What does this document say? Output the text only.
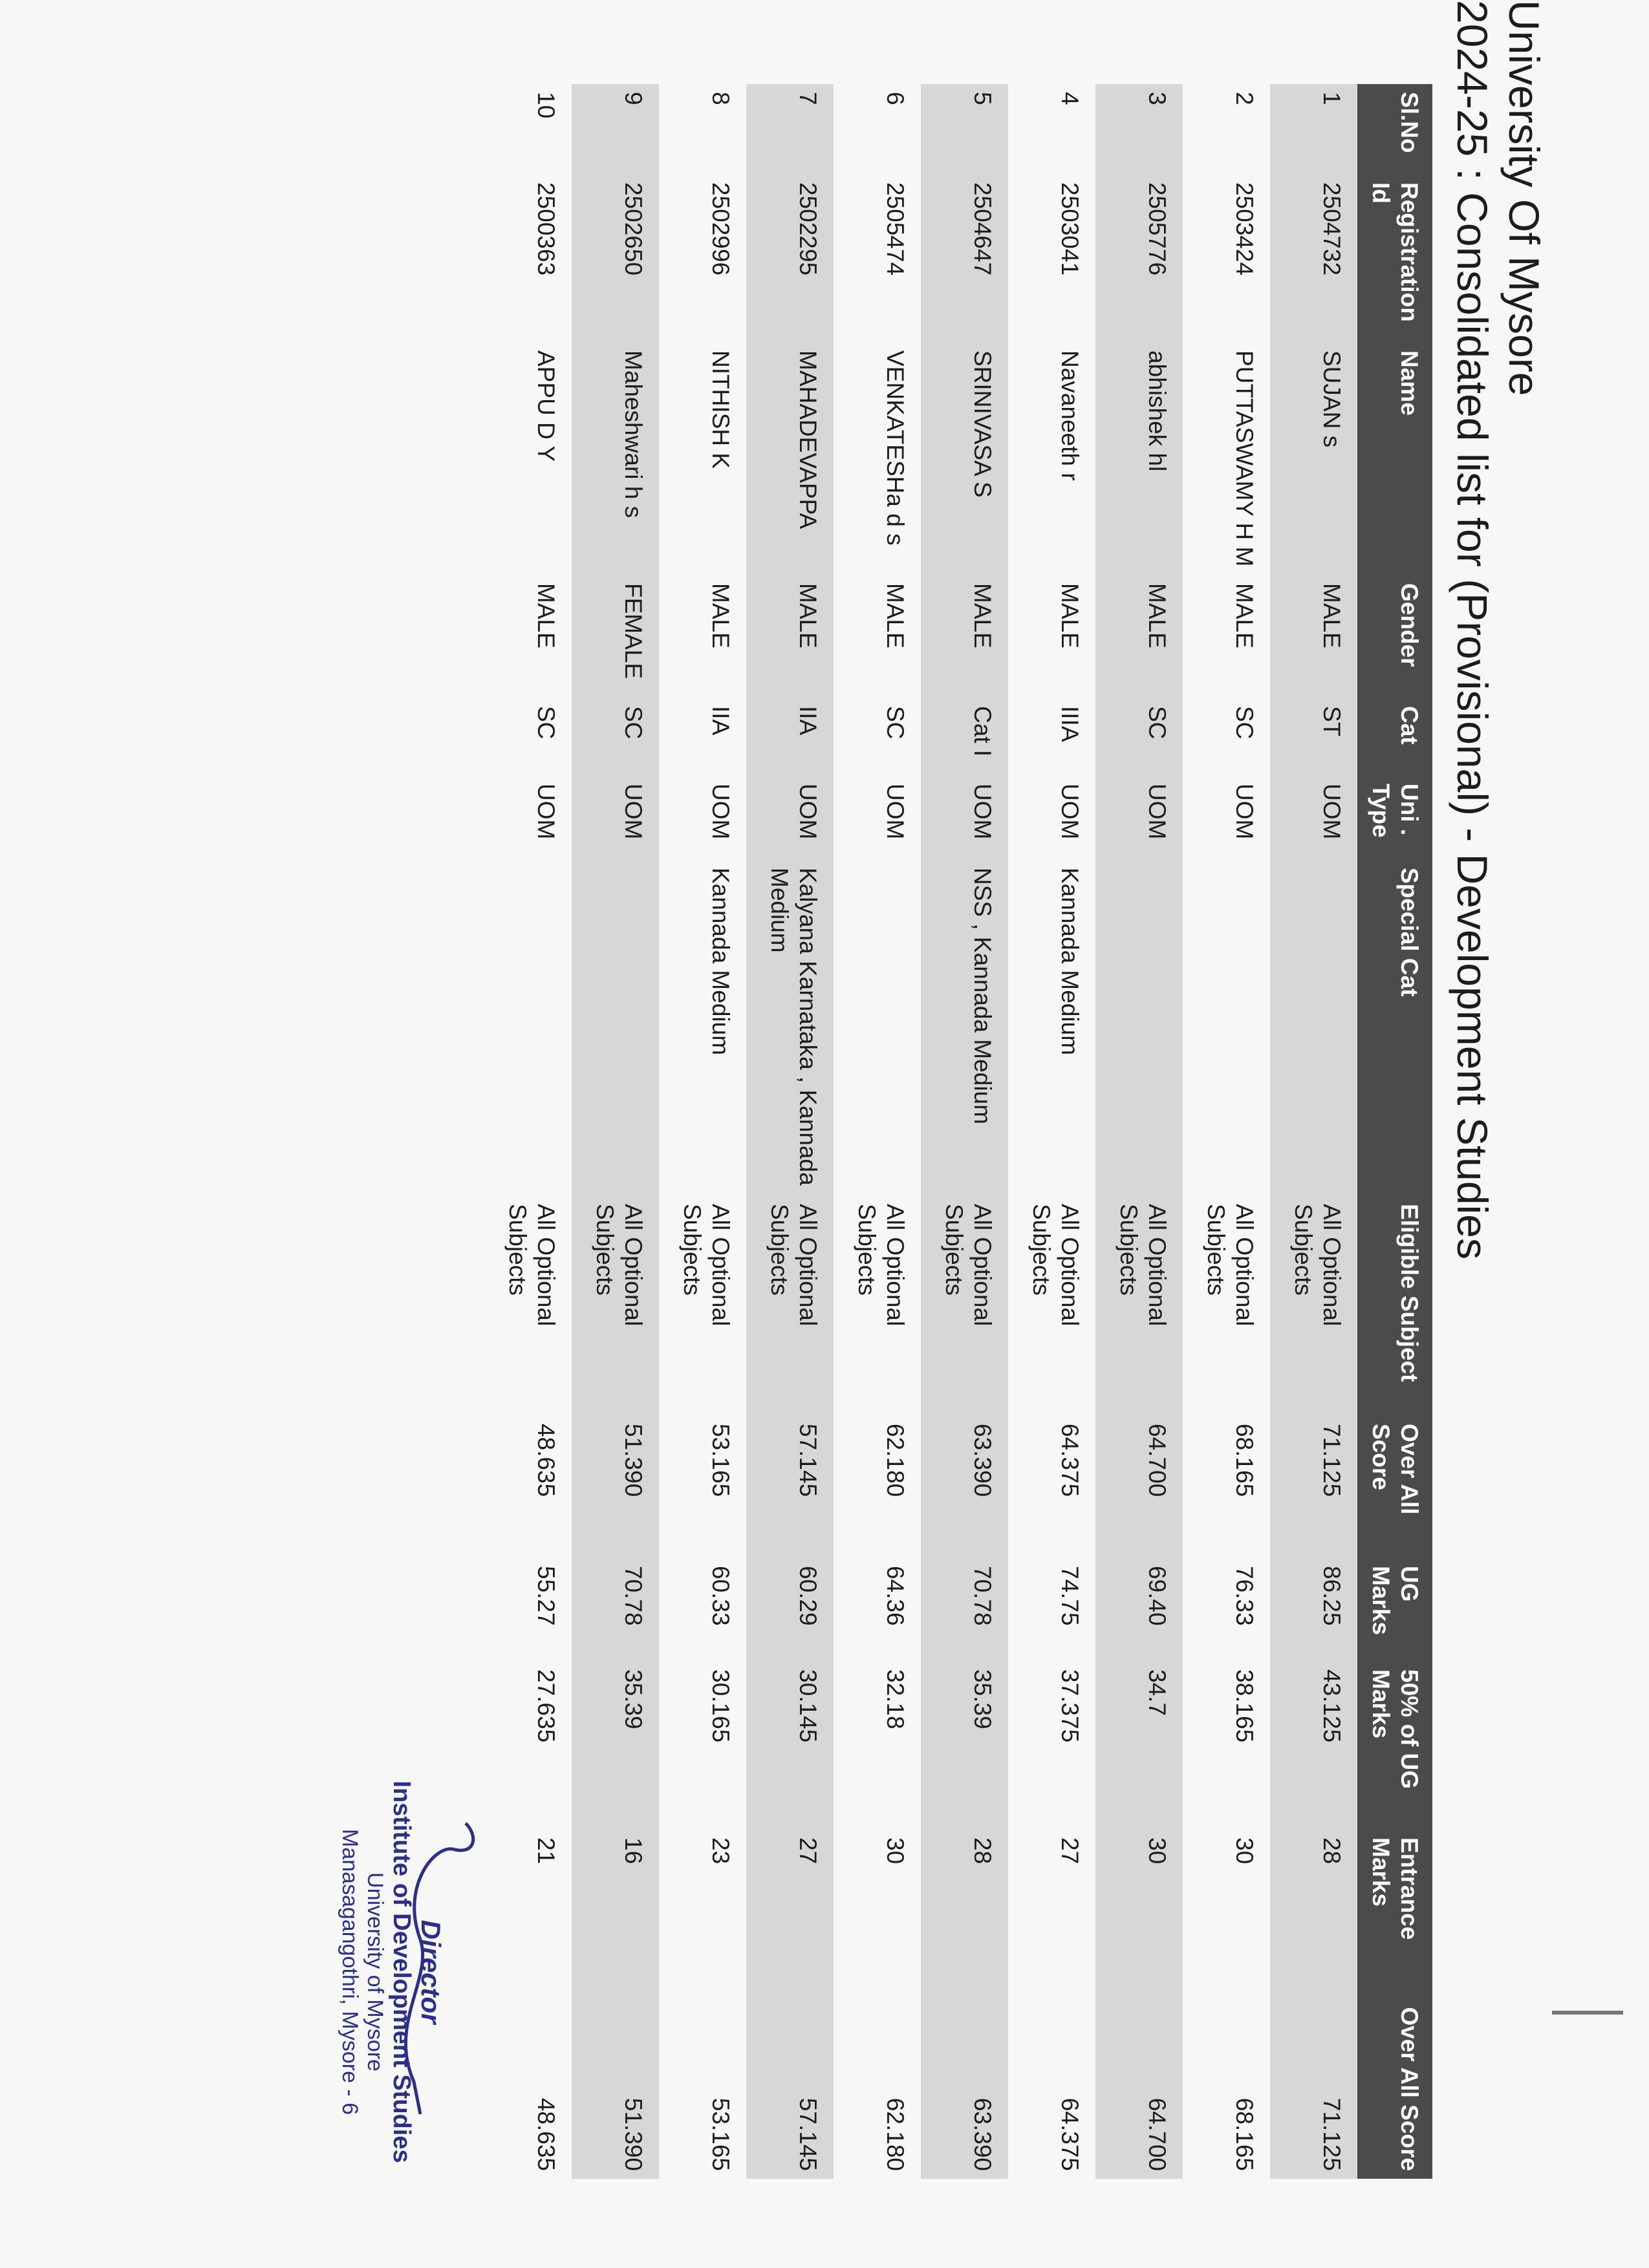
University Of Mysore
2024-25 : Consolidated list for (Provisional) - Development Studies
Sl.No	Registration Id	Name	Gender	Cat	Uni . Type	Special Cat	Eligible Subject	Over All Score	UG Marks	50% of UG Marks	Entrance Marks	Over All Score
1	2504732	SUJAN s	MALE	ST	UOM		All Optional Subjects	71.125	86.25	43.125	28	71.125
2	2503424	PUTTASWAMY H M	MALE	SC	UOM		All Optional Subjects	68.165	76.33	38.165	30	68.165
3	2505776	abhishek hl	MALE	SC	UOM		All Optional Subjects	64.700	69.40	34.7	30	64.700
4	2503041	Navaneeth r	MALE	IIIA	UOM	Kannada Medium	All Optional Subjects	64.375	74.75	37.375	27	64.375
5	2504647	SRINIVASA S	MALE	Cat I	UOM	NSS , Kannada Medium	All Optional Subjects	63.390	70.78	35.39	28	63.390
6	2505474	VENKATESHa d s	MALE	SC	UOM		All Optional Subjects	62.180	64.36	32.18	30	62.180
7	2502295	MAHADEVAPPA	MALE	IIA	UOM	Kalyana Karnataka , Kannada Medium	All Optional Subjects	57.145	60.29	30.145	27	57.145
8	2502996	NITHISH K	MALE	IIA	UOM	Kannada Medium	All Optional Subjects	53.165	60.33	30.165	23	53.165
9	2502650	Maheshwari h s	FEMALE	SC	UOM		All Optional Subjects	51.390	70.78	35.39	16	51.390
10	2500363	APPU D Y	MALE	SC	UOM		All Optional Subjects	48.635	55.27	27.635	21	48.635
Director
Institute of Development Studies
University of Mysore
Manasagangothri, Mysore - 6
